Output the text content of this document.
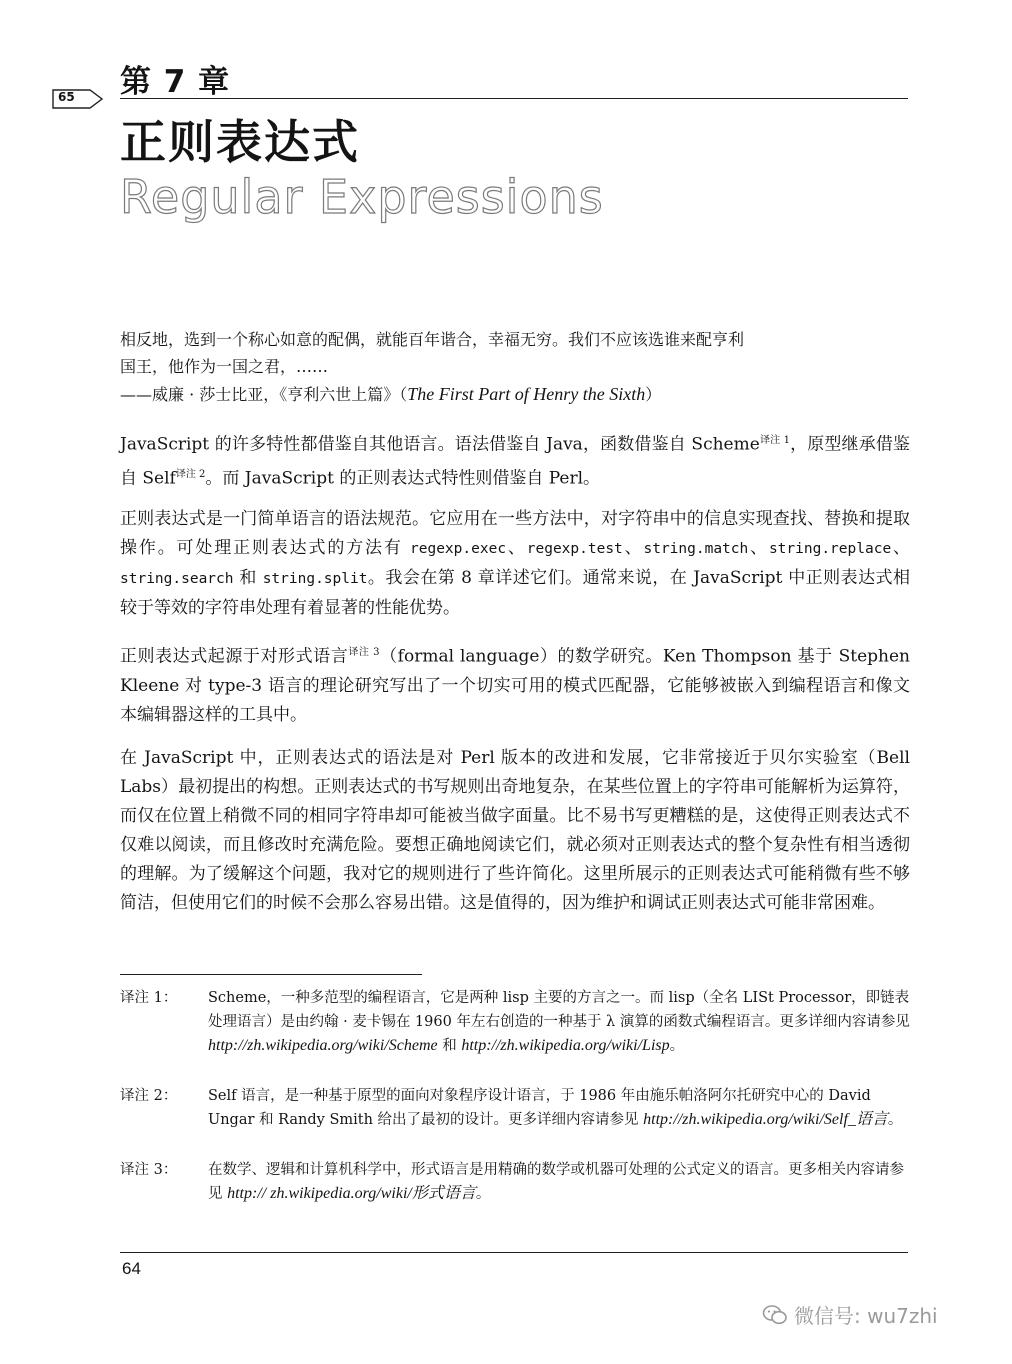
第 7 章
65
正则表达式
Regular Expressions

相反地，选到一个称心如意的配偶，就能百年谐合，幸福无穷。我们不应该选谁来配亨利
国王，他作为一国之君，……

——威廉 · 莎士比亚，《亨利六世上篇》（The First Part of Henry the Sixth）

JavaScript 的许多特性都借鉴自其他语言。语法借鉴自 Java，函数借鉴自 Scheme$^{译注 1}$，原型继承借鉴自 Self$^{译注 2}$。而 JavaScript 的正则表达式特性则借鉴自 Perl。

正则表达式是一门简单语言的语法规范。它应用在一些方法中，对字符串中的信息实现查找、替换和提取操作。可处理正则表达式的方法有 regexp.exec、regexp.test、string.match、string.replace、string.search 和 string.split。我会在第 8 章详述它们。通常来说，在 JavaScript 中正则表达式相较于等效的字符串处理有着显著的性能优势。

正则表达式起源于对形式语言$^{译注 3}$（formal language）的数学研究。Ken Thompson 基于 Stephen Kleene 对 type-3 语言的理论研究写出了一个切实可用的模式匹配器，它能够被嵌入到编程语言和像文本编辑器这样的工具中。

在 JavaScript 中，正则表达式的语法是对 Perl 版本的改进和发展，它非常接近于贝尔实验室（Bell Labs）最初提出的构想。正则表达式的书写规则出奇地复杂，在某些位置上的字符串可能解析为运算符，而仅在位置上稍微不同的相同字符串却可能被当做字面量。比不易书写更糟糕的是，这使得正则表达式不仅难以阅读，而且修改时充满危险。要想正确地阅读它们，就必须对正则表达式的整个复杂性有相当透彻的理解。为了缓解这个问题，我对它的规则进行了些许简化。这里所展示的正则表达式可能稍微有些不够简洁，但使用它们的时候不会那么容易出错。这是值得的，因为维护和调试正则表达式可能非常困难。

译注 1：	Scheme，一种多范型的编程语言，它是两种 lisp 主要的方言之一。而 lisp（全名 LISt Processor，即链表处理语言）是由约翰 · 麦卡锡在 1960 年左右创造的一种基于 λ 演算的函数式编程语言。更多详细内容请参见 http://zh.wikipedia.org/wiki/Scheme 和 http://zh.wikipedia.org/wiki/Lisp。

译注 2：	Self 语言，是一种基于原型的面向对象程序设计语言，于 1986 年由施乐帕洛阿尔托研究中心的 David Ungar 和 Randy Smith 给出了最初的设计。更多详细内容请参见 http://zh.wikipedia.org/wiki/Self_语言。

译注 3：	在数学、逻辑和计算机科学中，形式语言是用精确的数学或机器可处理的公式定义的语言。更多相关内容请参见 http:// zh.wikipedia.org/wiki/形式语言。

64
微信号: wu7zhi
